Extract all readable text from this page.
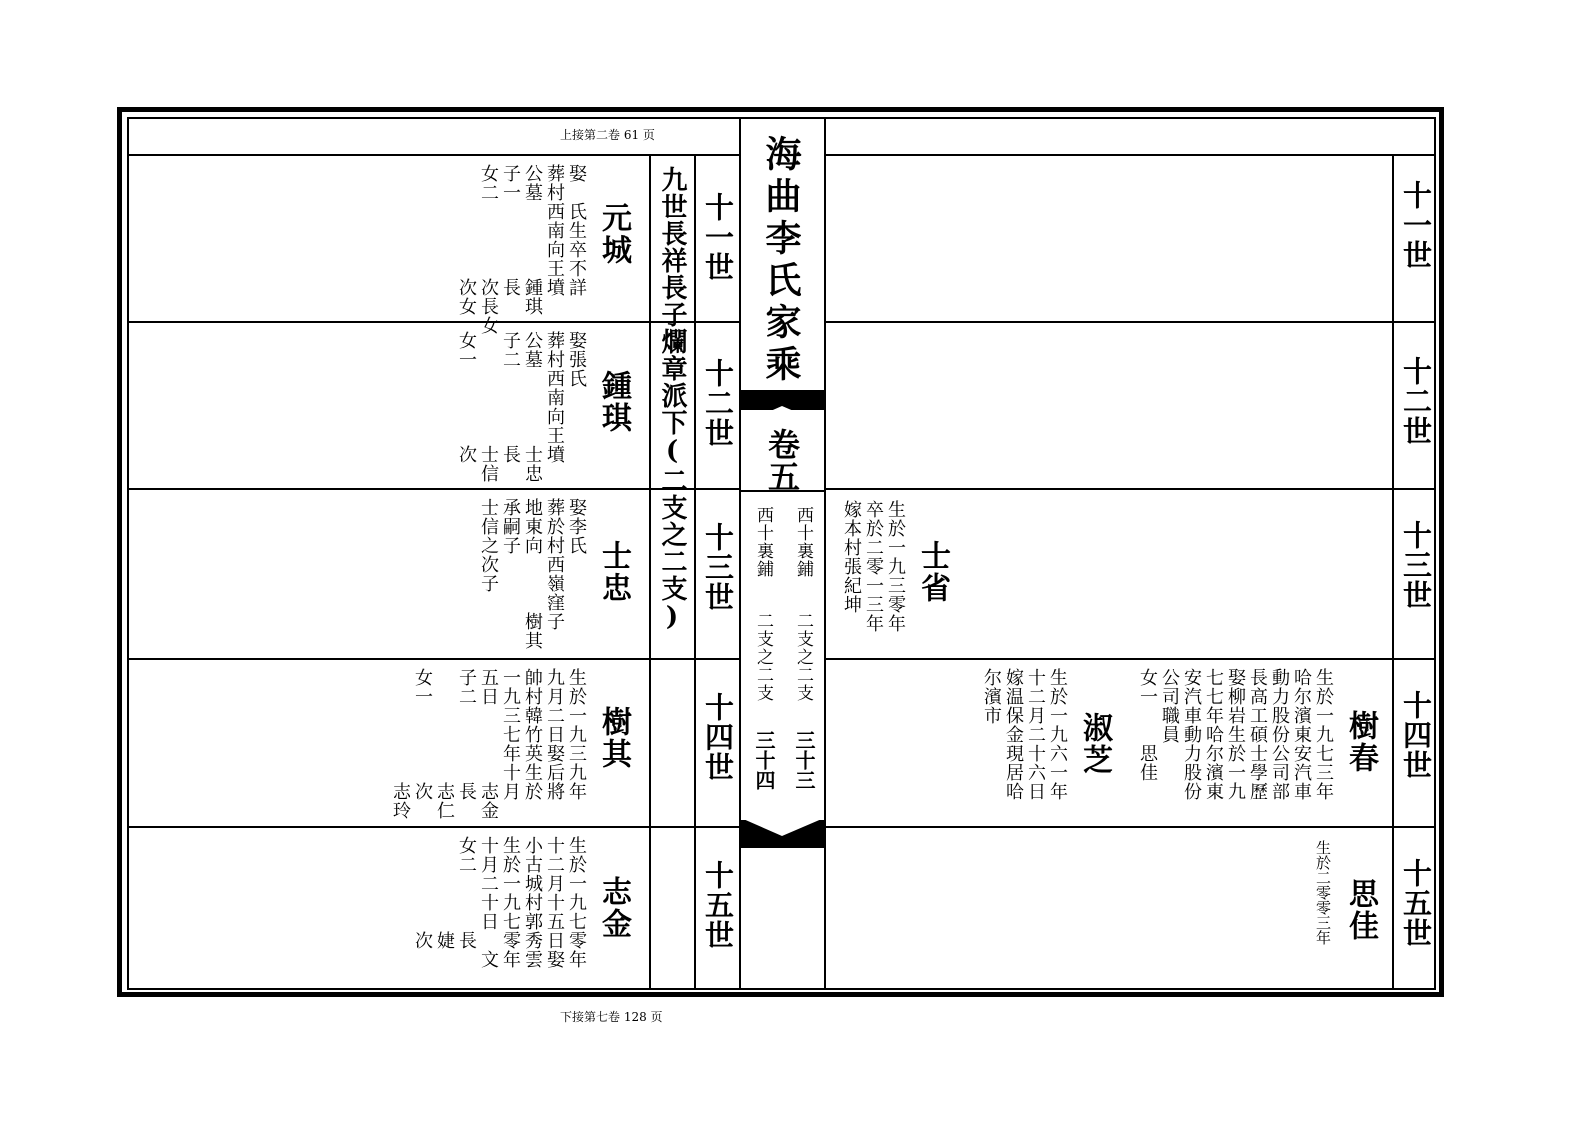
上接第二卷 61 页	海曲李氏家乘
卷五
西十裏鋪
二支之二支
三十三
西十裏鋪
二支之二支
三十四
九世長祥長子爛章派下(二支之二支) 十一世
十二世
十三世
十四世
十五世
十一世
十二世
十三世
十四世
十五世
元城
娶　氏生卒不詳
葬村西南向王墳
公墓　　　　鍾琪
子一　　　　長
女二　　　　次長女
　　　　　　次女
鍾琪
娶張氏
葬村西南向王墳
公墓　　　　士忠
子二　　　　長
　　　　　　士信
女一　　　　次
士忠
娶李氏
葬於村西嶺窪子
地東向　　　樹其
承嗣子
士信之次子
樹其
生於一九三九年
九月二日娶后將
帥村韓竹英生於
一九三七年十月
五日　　　　志金
子二　　　　長
　　　　　　志仁
女一　　　　次
　　　　　　志玲
志金
生於一九七零年
十二月十五日娶
小古城村郭秀雲
生於一九七零年
十月二十日　文
女二　　　長
　　　　　婕
　　　　　次
士省
生於一九三零年
卒於二零一三年
嫁本村張紀坤
樹春
生於一九七三年
哈尔濱東安汽車
動力股份公司部
長高工碩士學歷
娶柳岩生於一九
七七年哈尔濱東
安汽車動力股份
公司職員
女一　　思佳
淑芝
生於一九六一年
十二月二十六日
嫁温保金現居哈
尔濱市
思佳
生於二零零三年
下接第七卷 128 页
